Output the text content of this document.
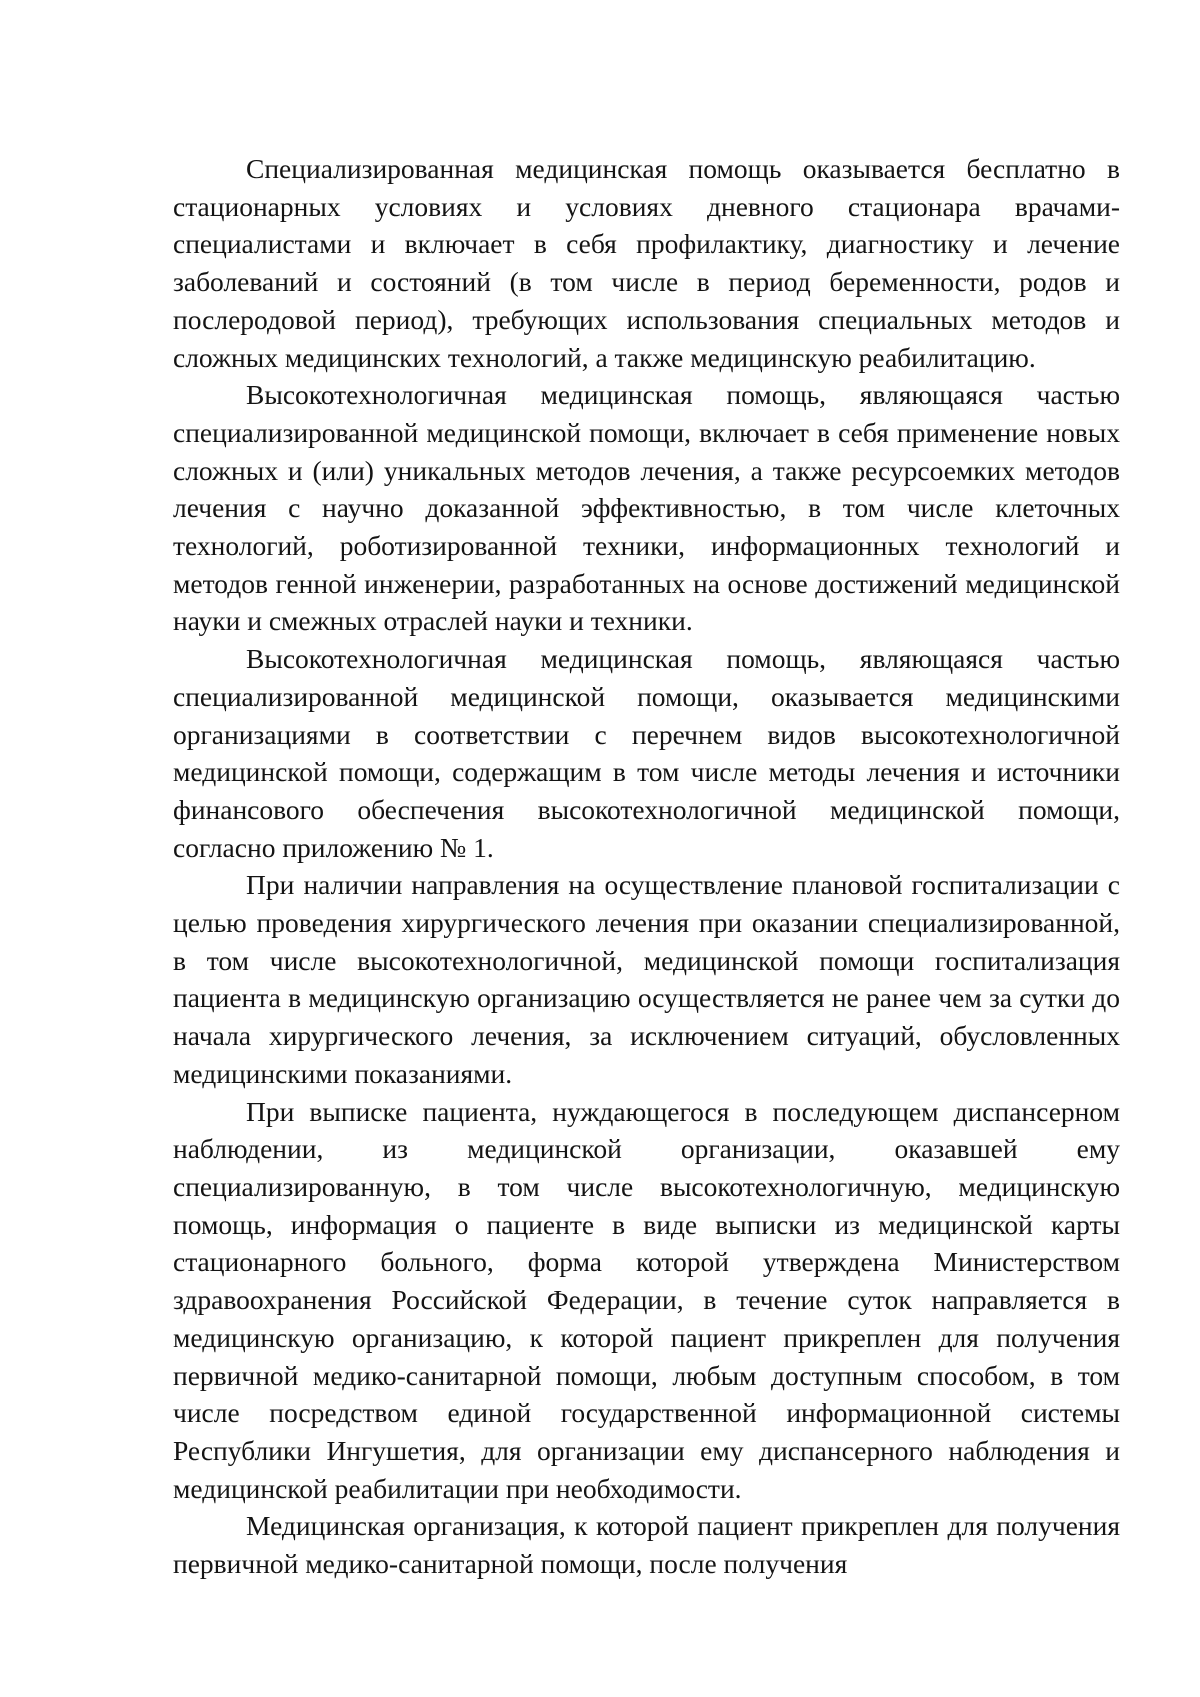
Специализированная медицинская помощь оказывается бесплатно в стационарных условиях и условиях дневного стационара врачами-специалистами и включает в себя профилактику, диагностику и лечение заболеваний и состояний (в том числе в период беременности, родов и послеродовой период), требующих использования специальных методов и сложных медицинских технологий, а также медицинскую реабилитацию.

Высокотехнологичная медицинская помощь, являющаяся частью специализированной медицинской помощи, включает в себя применение новых сложных и (или) уникальных методов лечения, а также ресурсоемких методов лечения с научно доказанной эффективностью, в том числе клеточных технологий, роботизированной техники, информационных технологий и методов генной инженерии, разработанных на основе достижений медицинской науки и смежных отраслей науки и техники.

Высокотехнологичная медицинская помощь, являющаяся частью специализированной медицинской помощи, оказывается медицинскими организациями в соответствии с перечнем видов высокотехнологичной медицинской помощи, содержащим в том числе методы лечения и источники финансового обеспечения высокотехнологичной медицинской помощи, согласно приложению № 1.

При наличии направления на осуществление плановой госпитализации с целью проведения хирургического лечения при оказании специализированной, в том числе высокотехнологичной, медицинской помощи госпитализация пациента в медицинскую организацию осуществляется не ранее чем за сутки до начала хирургического лечения, за исключением ситуаций, обусловленных медицинскими показаниями.

При выписке пациента, нуждающегося в последующем диспансерном наблюдении, из медицинской организации, оказавшей ему специализированную, в том числе высокотехнологичную, медицинскую помощь, информация о пациенте в виде выписки из медицинской карты стационарного больного, форма которой утверждена Министерством здравоохранения Российской Федерации, в течение суток направляется в медицинскую организацию, к которой пациент прикреплен для получения первичной медико-санитарной помощи, любым доступным способом, в том числе посредством единой государственной информационной системы Республики Ингушетия, для организации ему диспансерного наблюдения и медицинской реабилитации при необходимости.

Медицинская организация, к которой пациент прикреплен для получения первичной медико-санитарной помощи, после получения
